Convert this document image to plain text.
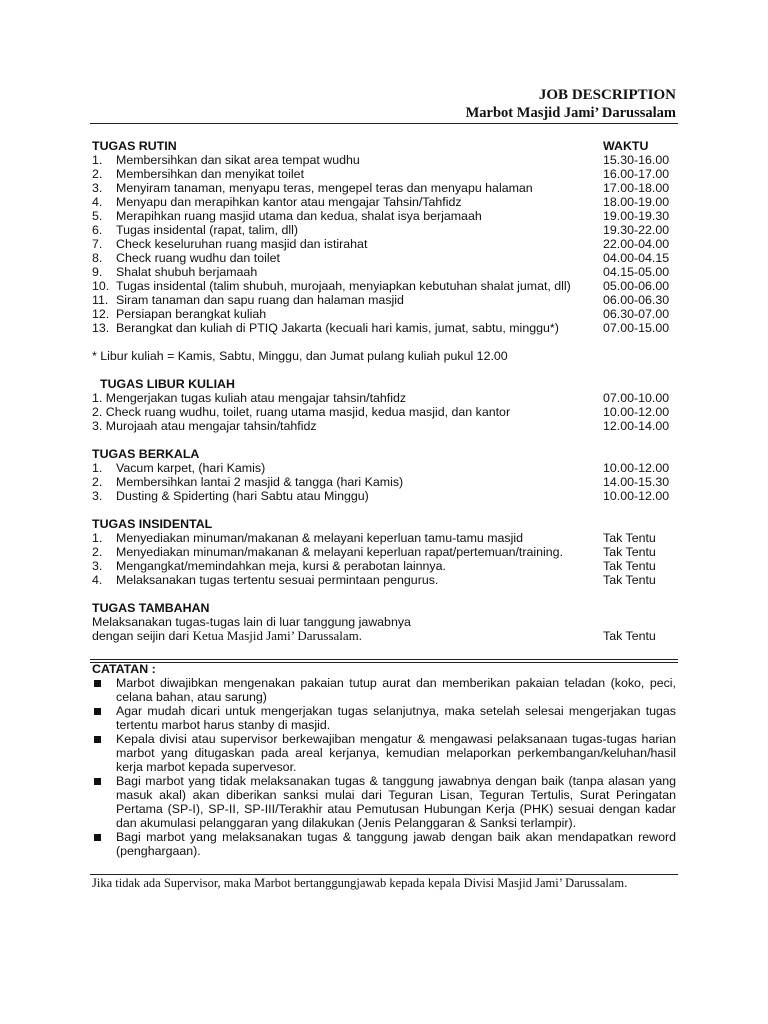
JOB DESCRIPTION
Marbot Masjid Jami’ Darussalam
TUGAS RUTIN	WAKTU
1. Membersihkan dan sikat area tempat wudhu	15.30-16.00
2. Membersihkan dan menyikat toilet	16.00-17.00
3. Menyiram tanaman, menyapu teras, mengepel teras dan menyapu halaman	17.00-18.00
4. Menyapu dan merapihkan kantor atau mengajar Tahsin/Tahfidz	18.00-19.00
5. Merapihkan ruang masjid utama dan kedua, shalat isya berjamaah	19.00-19.30
6. Tugas insidental (rapat, talim, dll)	19.30-22.00
7. Check keseluruhan ruang masjid dan istirahat	22.00-04.00
8. Check ruang wudhu dan toilet	04.00-04.15
9. Shalat shubuh berjamaah	04.15-05.00
10. Tugas insidental (talim shubuh, murojaah, menyiapkan kebutuhan shalat jumat, dll)	05.00-06.00
11. Siram tanaman dan sapu ruang dan halaman masjid	06.00-06.30
12. Persiapan berangkat kuliah	06.30-07.00
13. Berangkat dan kuliah di PTIQ Jakarta (kecuali hari kamis, jumat, sabtu, minggu*)	07.00-15.00
* Libur kuliah = Kamis, Sabtu, Minggu, dan Jumat pulang kuliah pukul 12.00
TUGAS LIBUR KULIAH
1. Mengerjakan tugas kuliah atau mengajar tahsin/tahfidz	07.00-10.00
2. Check ruang wudhu, toilet, ruang utama masjid, kedua masjid, dan kantor	10.00-12.00
3. Murojaah atau mengajar tahsin/tahfidz	12.00-14.00
TUGAS BERKALA
1. Vacum karpet, (hari Kamis)	10.00-12.00
2. Membersihkan lantai 2 masjid & tangga (hari Kamis)	14.00-15.30
3. Dusting & Spiderting (hari Sabtu atau Minggu)	10.00-12.00
TUGAS INSIDENTAL
1. Menyediakan minuman/makanan & melayani keperluan tamu-tamu masjid	Tak Tentu
2. Menyediakan minuman/makanan & melayani keperluan rapat/pertemuan/training.	Tak Tentu
3. Mengangkat/memindahkan meja, kursi & perabotan lainnya.	Tak Tentu
4. Melaksanakan tugas tertentu sesuai permintaan pengurus.	Tak Tentu
TUGAS TAMBAHAN
Melaksanakan tugas-tugas lain di luar tanggung jawabnya
dengan seijin dari Ketua Masjid Jami’ Darussalam.	Tak Tentu
CATATAN :
Marbot diwajibkan mengenakan pakaian tutup aurat dan memberikan pakaian teladan (koko, peci, celana bahan, atau sarung)
Agar mudah dicari untuk mengerjakan tugas selanjutnya, maka setelah selesai mengerjakan tugas tertentu marbot harus stanby di masjid.
Kepala divisi atau supervisor berkewajiban mengatur & mengawasi pelaksanaan tugas-tugas harian marbot yang ditugaskan pada areal kerjanya, kemudian melaporkan perkembangan/keluhan/hasil kerja marbot kepada supervesor.
Bagi marbot yang tidak melaksanakan tugas & tanggung jawabnya dengan baik (tanpa alasan yang masuk akal) akan diberikan sanksi mulai dari Teguran Lisan, Teguran Tertulis, Surat Peringatan Pertama (SP-I), SP-II, SP-III/Terakhir atau Pemutusan Hubungan Kerja (PHK) sesuai dengan kadar dan akumulasi pelanggaran yang dilakukan (Jenis Pelanggaran & Sanksi terlampir).
Bagi marbot yang melaksanakan tugas & tanggung jawab dengan baik akan mendapatkan reword (penghargaan).
Jika tidak ada Supervisor, maka Marbot bertanggungjawab kepada kepala Divisi Masjid Jami’ Darussalam.
